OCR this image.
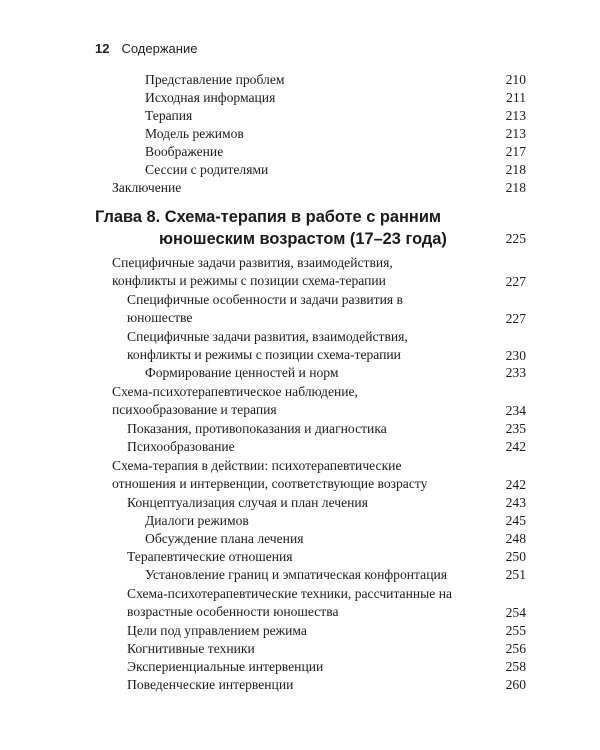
12 Содержание
Представление проблем	210
Исходная информация	211
Терапия	213
Модель режимов	213
Воображение	217
Сессии с родителями	218
Заключение	218
Глава 8. Схема-терапия в работе с ранним
юношеским возрастом (17–23 года)	225
Специфичные задачи развития, взаимодействия, конфликты и режимы с позиции схема-терапии	227
Специфичные особенности и задачи развития в юношестве	227
Специфичные задачи развития, взаимодействия, конфликты и режимы с позиции схема-терапии	230
Формирование ценностей и норм	233
Схема-психотерапевтическое наблюдение, психообразование и терапия	234
Показания, противопоказания и диагностика	235
Психообразование	242
Схема-терапия в действии: психотерапевтические отношения и интервенции, соответствующие возрасту	242
Концептуализация случая и план лечения	243
Диалоги режимов	245
Обсуждение плана лечения	248
Терапевтические отношения	250
Установление границ и эмпатическая конфронтация	251
Схема-психотерапевтические техники, рассчитанные на возрастные особенности юношества	254
Цели под управлением режима	255
Когнитивные техники	256
Экспериенциальные интервенции	258
Поведенческие интервенции	260
